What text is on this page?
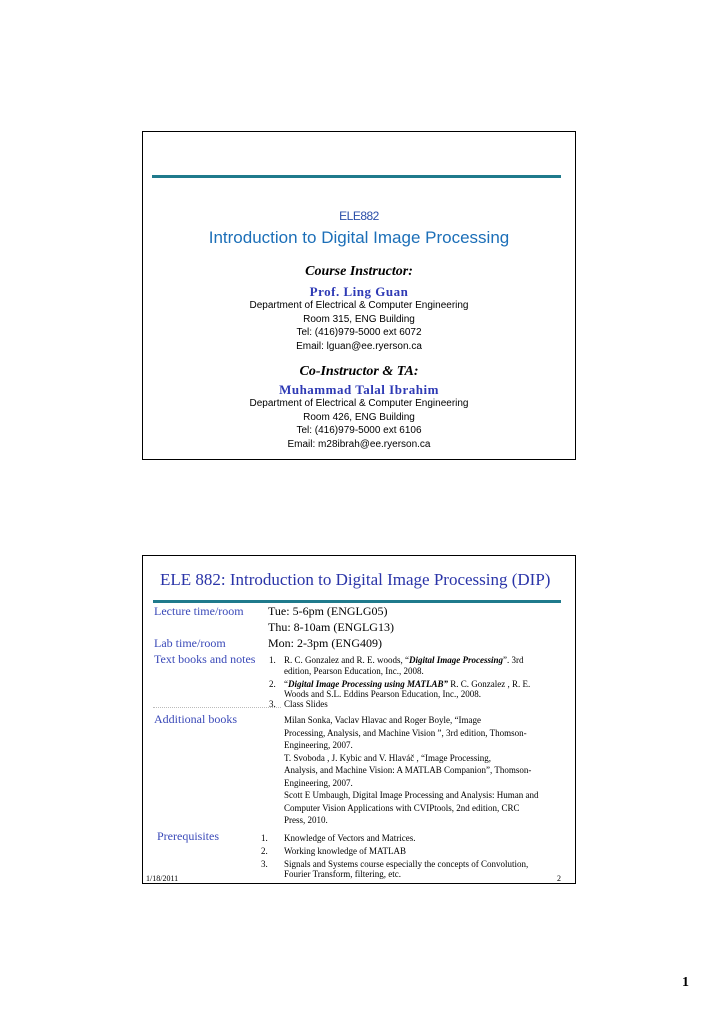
ELE882
Introduction to Digital Image Processing
Course Instructor:
Prof. Ling Guan
Department of Electrical & Computer Engineering
Room 315, ENG Building
Tel: (416)979-5000 ext 6072
Email: lguan@ee.ryerson.ca
Co-Instructor & TA:
Muhammad Talal Ibrahim
Department of Electrical & Computer Engineering
Room 426, ENG Building
Tel: (416)979-5000 ext 6106
Email: m28ibrah@ee.ryerson.ca
ELE 882: Introduction to Digital Image Processing (DIP)
Lecture time/room Tue: 5-6pm (ENGLG05)
Thu: 8-10am (ENGLG13)
Lab time/room	Mon: 2-3pm (ENG409)
Text books and notes 1. R. C. Gonzalez and R. E. woods, “Digital Image Processing”. 3rd
edition, Pearson Education, Inc., 2008.
2. “Digital Image Processing using MATLAB” R. C. Gonzalez , R. E.
Woods and S.L. Eddins Pearson Education, Inc., 2008.
3. Class Slides
Additional books	Milan Sonka, Vaclav Hlavac and Roger Boyle, “Image
Processing, Analysis, and Machine Vision ”, 3rd edition, Thomson-
Engineering, 2007.
T. Svoboda , J. Kybic and V. Hlaváč , “Image Processing,
Analysis, and Machine Vision: A MATLAB Companion”, Thomson-
Engineering, 2007.
Scott E Umbaugh, Digital Image Processing and Analysis: Human and
Computer Vision Applications with CVIPtools, 2nd edition, CRC
Press, 2010.
Prerequisites	1. Knowledge of Vectors and Matrices.
2. Working knowledge of MATLAB
3. Signals and Systems course especially the concepts of Convolution,
Fourier Transform, filtering, etc.
1/18/2011	2
1
